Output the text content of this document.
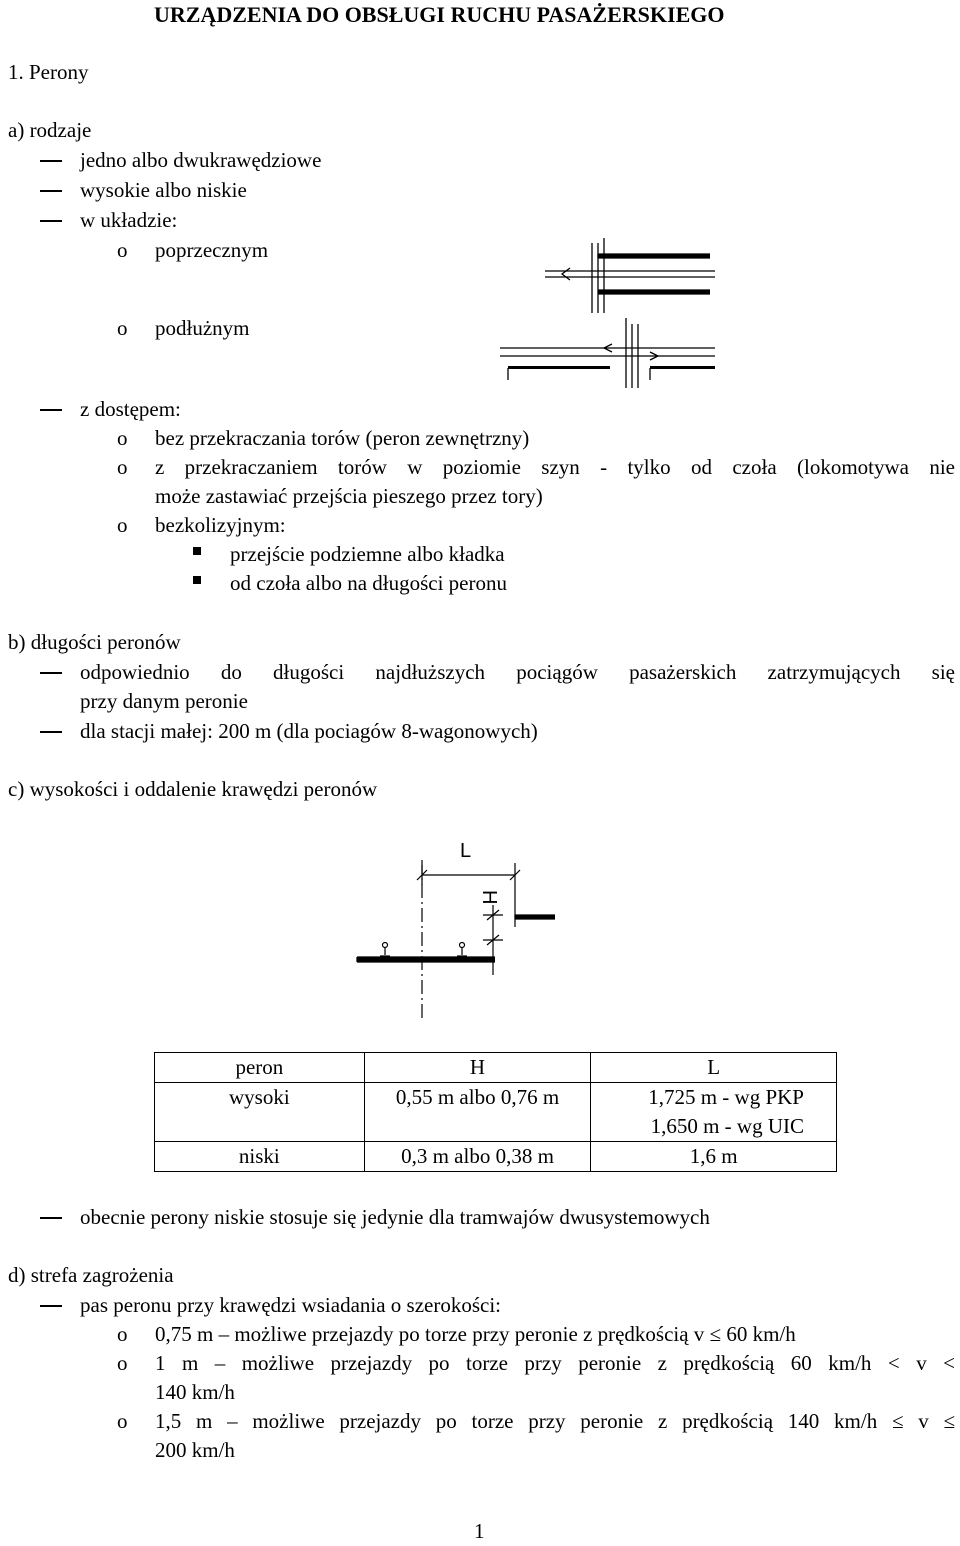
URZĄDZENIA DO OBSŁUGI RUCHU PASAŻERSKIEGO
1. Perony
a) rodzaje
jedno albo dwukrawędziowe
wysokie albo niskie
w układzie:
o poprzecznym
o podłużnym
z dostępem:
o bez przekraczania torów (peron zewnętrzny)
o z przekraczaniem torów w poziomie szyn - tylko od czoła (lokomotywa nie
może zastawiać przejścia pieszego przez tory)
o bezkolizyjnym:
przejście podziemne albo kładka
od czoła albo na długości peronu
b) długości peronów
odpowiednio do długości najdłuższych pociągów pasażerskich zatrzymujących się
przy danym peronie
dla stacji małej: 200 m (dla pociagów 8-wagonowych)
c) wysokości i oddalenie krawędzi peronów
L
H
peron	H	L
wysoki	0,55 m albo 0,76 m	1,725 m - wg PKP
		1,650 m - wg UIC
niski	0,3 m albo 0,38 m	1,6 m
obecnie perony niskie stosuje się jedynie dla tramwajów dwusystemowych
d) strefa zagrożenia
pas peronu przy krawędzi wsiadania o szerokości:
o 0,75 m – możliwe przejazdy po torze przy peronie z prędkością v ≤ 60 km/h
o 1 m – możliwe przejazdy po torze przy peronie z prędkością 60 km/h < v <
140 km/h
o 1,5 m – możliwe przejazdy po torze przy peronie z prędkością 140 km/h ≤ v ≤
200 km/h
1
